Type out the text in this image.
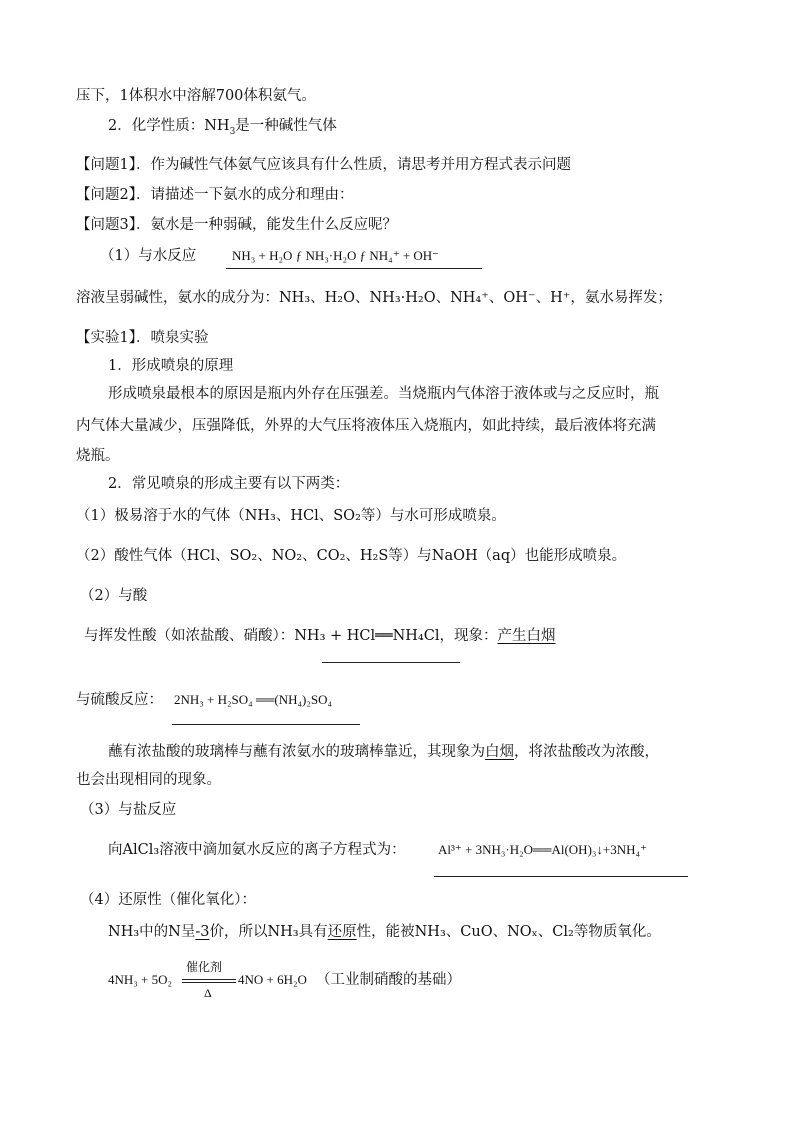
压下，1体积水中溶解700体积氨气。
2．化学性质：$NH_3$是一种碱性气体
【问题1】．作为碱性气体氨气应该具有什么性质，请思考并用方程式表示问题
【问题2】．请描述一下氨水的成分和理由：
【问题3】．氨水是一种弱碱，能发生什么反应呢？
（1）与水反应	NH₃ + H₂O ƒ NH₃·H₂O ƒ NH₄⁺ + OH⁻
溶液呈弱碱性，氨水的成分为：NH₃、H₂O、NH₃·H₂O、NH₄⁺、OH⁻、H⁺，氨水易挥发；
【实验1】．喷泉实验
1．形成喷泉的原理
形成喷泉最根本的原因是瓶内外存在压强差。当烧瓶内气体溶于液体或与之反应时，瓶
内气体大量减少，压强降低，外界的大气压将液体压入烧瓶内，如此持续，最后液体将充满
烧瓶。
2．常见喷泉的形成主要有以下两类：
（1）极易溶于水的气体（NH₃、HCl、SO₂等）与水可形成喷泉。
（2）酸性气体（HCl、SO₂、NO₂、CO₂、H₂S等）与NaOH（aq）也能形成喷泉。
（2）与酸
与挥发性酸（如浓盐酸、硝酸）：NH₃ + HCl══NH₄Cl，现象：产生白烟
与硫酸反应： 2NH₃ + H₂SO₄ ══(NH₄)₂SO₄
蘸有浓盐酸的玻璃棒与蘸有浓氨水的玻璃棒靠近，其现象为白烟，将浓盐酸改为浓酸，
也会出现相同的现象。
（3）与盐反应
向AlCl₃溶液中滴加氨水反应的离子方程式为： Al³⁺ + 3NH₃·H₂O══Al(OH)₃↓+3NH₄⁺
（4）还原性（催化氧化）：
NH₃中的N呈-3价，所以NH₃具有还原性，能被NH₃、CuO、NOₓ、Cl₂等物质氧化。
4NH₃ + 5O₂
催化剂
Δ
4NO + 6H₂O （工业制硝酸的基础）
